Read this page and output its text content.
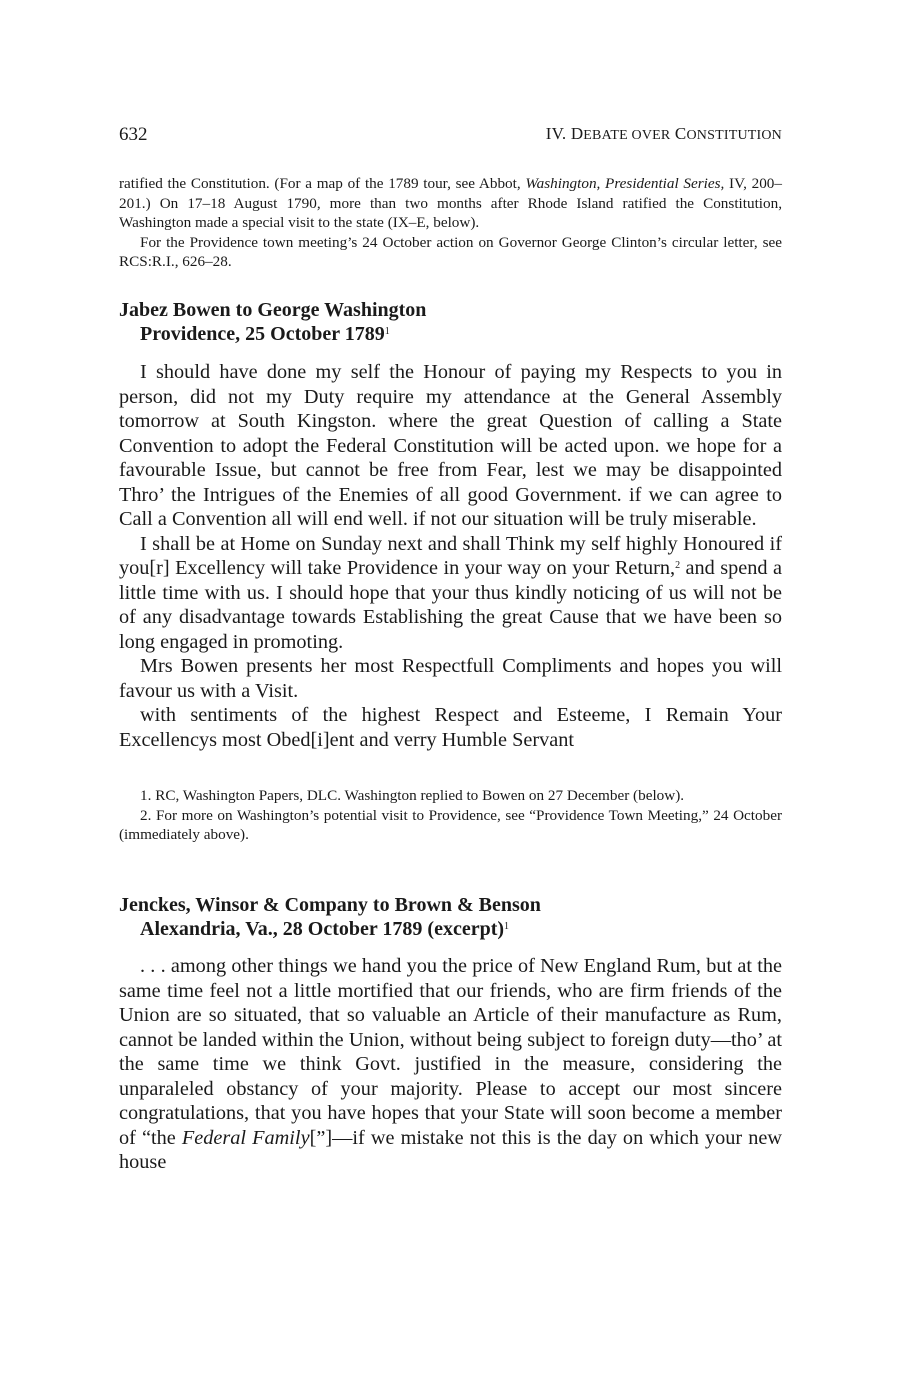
632	IV. DEBATE OVER CONSTITUTION

ratified the Constitution. (For a map of the 1789 tour, see Abbot, Washington, Presidential Series, IV, 200–201.) On 17–18 August 1790, more than two months after Rhode Island ratified the Constitution, Washington made a special visit to the state (IX–E, below).

For the Providence town meeting’s 24 October action on Governor George Clinton’s circular letter, see RCS:R.I., 626–28.

Jabez Bowen to George Washington
Providence, 25 October 1789$^1$

I should have done my self the Honour of paying my Respects to you in person, did not my Duty require my attendance at the General Assembly tomorrow at South Kingston. where the great Question of calling a State Convention to adopt the Federal Constitution will be acted upon. we hope for a favourable Issue, but cannot be free from Fear, lest we may be disappointed Thro’ the Intrigues of the Enemies of all good Government. if we can agree to Call a Convention all will end well. if not our situation will be truly miserable.

I shall be at Home on Sunday next and shall Think my self highly Honoured if you[r] Excellency will take Providence in your way on your Return,$^2$ and spend a little time with us. I should hope that your thus kindly noticing of us will not be of any disadvantage towards Establishing the great Cause that we have been so long engaged in promoting.

Mrs Bowen presents her most Respectfull Compliments and hopes you will favour us with a Visit.

with sentiments of the highest Respect and Esteeme, I Remain Your Excellencys most Obed[i]ent and verry Humble Servant

1. RC, Washington Papers, DLC. Washington replied to Bowen on 27 December (below).

2. For more on Washington’s potential visit to Providence, see “Providence Town Meeting,” 24 October (immediately above).

Jenckes, Winsor & Company to Brown & Benson
Alexandria, Va., 28 October 1789 (excerpt)$^1$

. . . among other things we hand you the price of New England Rum, but at the same time feel not a little mortified that our friends, who are firm friends of the Union are so situated, that so valuable an Article of their manufacture as Rum, cannot be landed within the Union, without being subject to foreign duty—tho’ at the same time we think Govt. justified in the measure, considering the unparaleled obstancy of your majority. Please to accept our most sincere congratulations, that you have hopes that your State will soon become a member of “the Federal Family[”]—if we mistake not this is the day on which your new house
